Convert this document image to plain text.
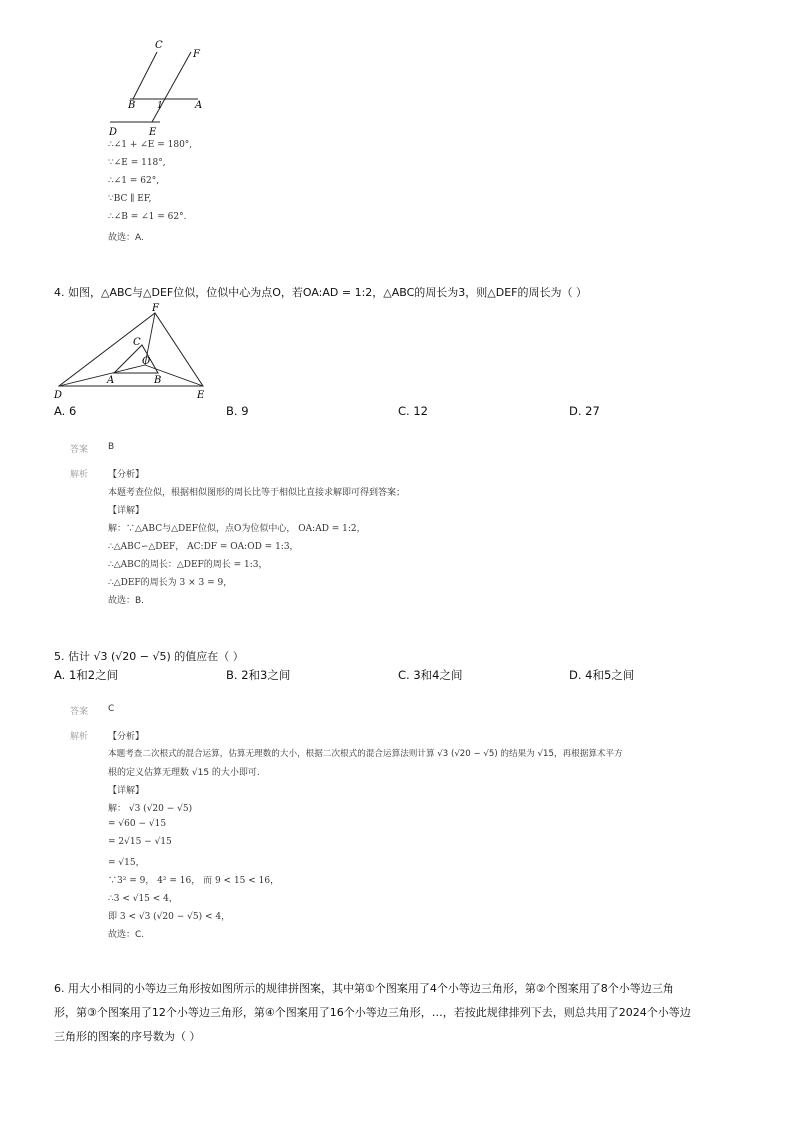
C
F
B 1	A
D	E
∴∠1 + ∠E = 180°,
∵∠E = 118°,
∴∠1 = 62°,
∵BC ∥ EF,
∴∠B = ∠1 = 62°.
故选：A.
4. 如图，△ABC与△DEF位似，位似中心为点O，若OA:AD = 1:2，△ABC的周长为3，则△DEF的周长为（ ）
F
C
O
A	B
D	E
A. 6	B. 9	C. 12	D. 27
答案 B
解析 【分析】
本题考查位似，根据相似图形的周长比等于相似比直接求解即可得到答案；
【详解】
解：∵△ABC与△DEF位似，点O为位似中心， OA:AD = 1:2，
∴△ABC∽△DEF， AC:DF = OA:OD = 1:3，
∴△ABC的周长：△DEF的周长 = 1:3，
∴△DEF的周长为 3 × 3 = 9，
故选：B.
5. 估计 √3 (√20 − √5) 的值应在（ ）
A. 1和2之间	B. 2和3之间	C. 3和4之间	D. 4和5之间
答案 C
解析 【分析】
本题考查二次根式的混合运算，估算无理数的大小，根据二次根式的混合运算法则计算 √3 (√20 − √5) 的结果为 √15，再根据算术平方
根的定义估算无理数 √15 的大小即可.
【详解】
解： √3 (√20 − √5)
= √60 − √15
= 2√15 − √15
= √15，
∵3² = 9， 4² = 16， 而 9 < 15 < 16，
∴3 < √15 < 4，
即 3 < √3 (√20 − √5) < 4，
故选：C.
6. 用大小相同的小等边三角形按如图所示的规律拼图案，其中第①个图案用了4个小等边三角形，第②个图案用了8个小等边三角
形，第③个图案用了12个小等边三角形，第④个图案用了16个小等边三角形，…，若按此规律排列下去，则总共用了2024个小等边
三角形的图案的序号数为（ ）
